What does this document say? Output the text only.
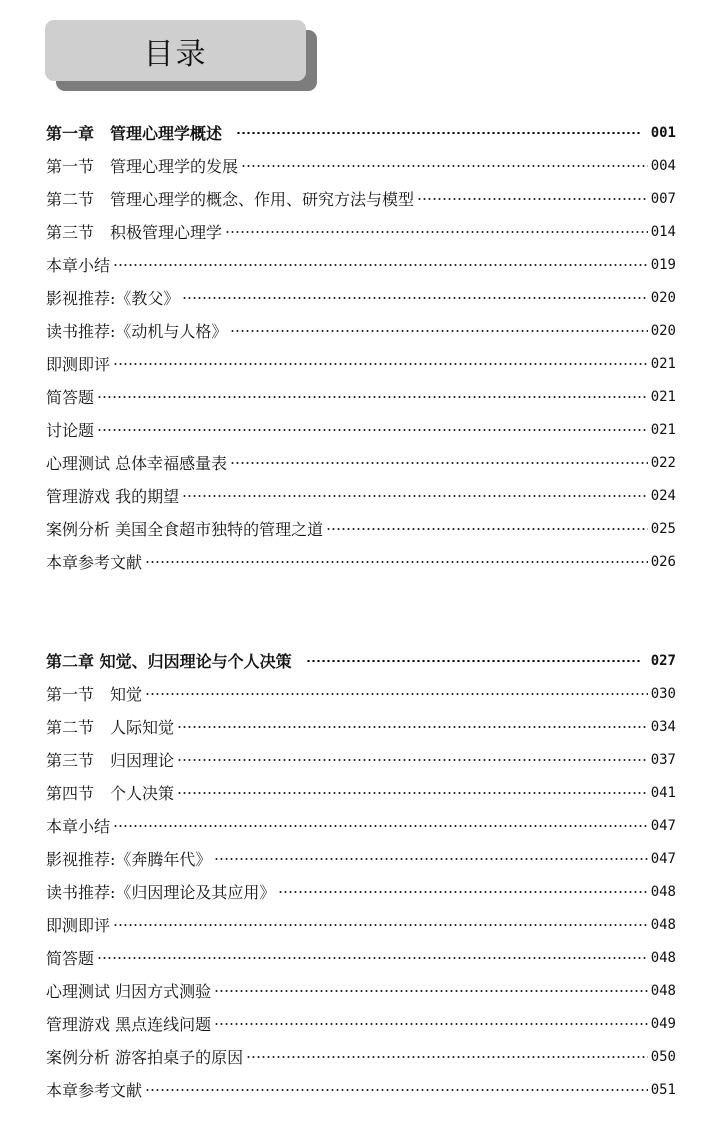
目录
第一章　管理心理学概述	001
第一节　管理心理学的发展	004
第二节　管理心理学的概念、作用、研究方法与模型	007
第三节　积极管理心理学	014
本章小结	019
影视推荐:《教父》	020
读书推荐:《动机与人格》	020
即测即评	021
简答题	021
讨论题	021
心理测试 总体幸福感量表	022
管理游戏 我的期望	024
案例分析 美国全食超市独特的管理之道	025
本章参考文献	026
第二章 知觉、归因理论与个人决策	027
第一节　知觉	030
第二节　人际知觉	034
第三节　归因理论	037
第四节　个人决策	041
本章小结	047
影视推荐:《奔腾年代》	047
读书推荐:《归因理论及其应用》	048
即测即评	048
简答题	048
心理测试 归因方式测验	048
管理游戏 黑点连线问题	049
案例分析 游客拍桌子的原因	050
本章参考文献	051
